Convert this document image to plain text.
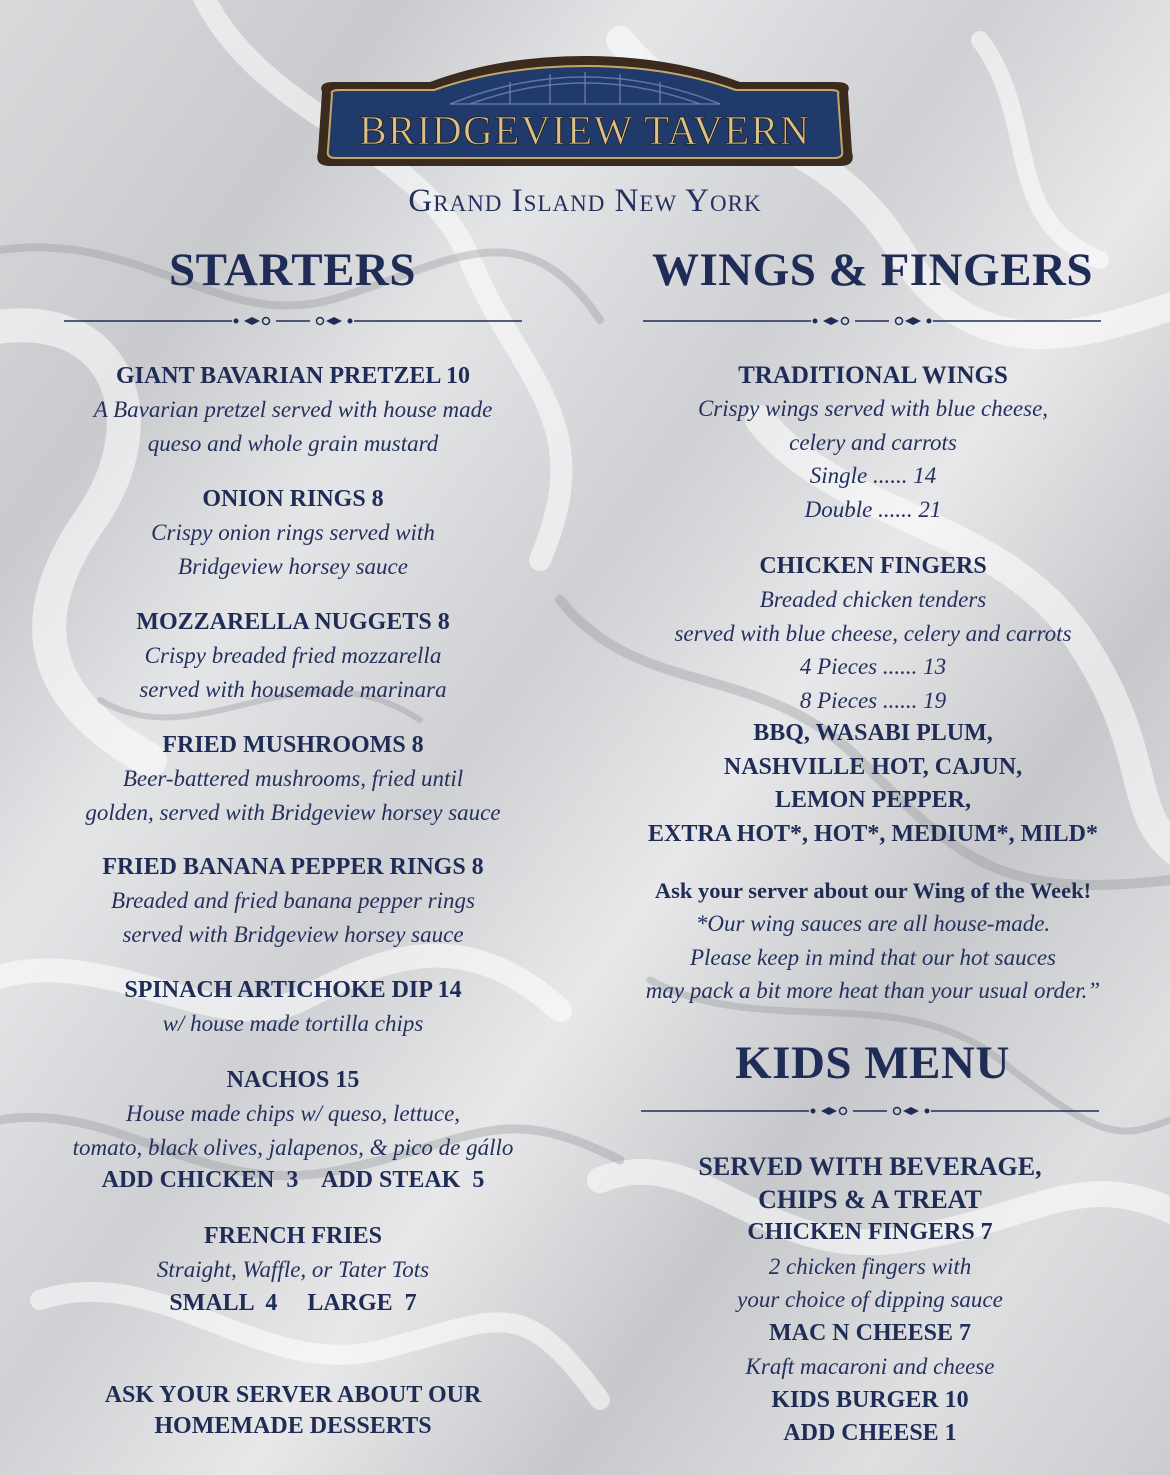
BRIDGEVIEW TAVERN
Grand Island New York
STARTERS
GIANT BAVARIAN PRETZEL 10
A Bavarian pretzel served with house made
queso and whole grain mustard
ONION RINGS 8
Crispy onion rings served with
Bridgeview horsey sauce
MOZZARELLA NUGGETS 8
Crispy breaded fried mozzarella
served with housemade marinara
FRIED MUSHROOMS 8
Beer-battered mushrooms, fried until
golden, served with Bridgeview horsey sauce
FRIED BANANA PEPPER RINGS 8
Breaded and fried banana pepper rings
served with Bridgeview horsey sauce
SPINACH ARTICHOKE DIP 14
w/ house made tortilla chips
NACHOS 15
House made chips w/ queso, lettuce,
tomato, black olives, jalapenos, & pico de gállo
ADD CHICKEN  3    ADD STEAK  5
FRENCH FRIES
Straight, Waffle, or Tater Tots
SMALL  4     LARGE  7
ASK YOUR SERVER ABOUT OUR
HOMEMADE DESSERTS
WINGS & FINGERS
TRADITIONAL WINGS
Crispy wings served with blue cheese,
celery and carrots
Single ...... 14
Double ...... 21
CHICKEN FINGERS
Breaded chicken tenders
served with blue cheese, celery and carrots
4 Pieces ...... 13
8 Pieces ...... 19
BBQ, WASABI PLUM,
NASHVILLE HOT, CAJUN,
LEMON PEPPER,
EXTRA HOT*, HOT*, MEDIUM*, MILD*
Ask your server about our Wing of the Week!
*Our wing sauces are all house-made.
Please keep in mind that our hot sauces
may pack a bit more heat than your usual order.”
KIDS MENU
SERVED WITH BEVERAGE,
CHIPS & A TREAT
CHICKEN FINGERS 7
2 chicken fingers with
your choice of dipping sauce
MAC N CHEESE 7
Kraft macaroni and cheese
KIDS BURGER 10
ADD CHEESE 1
